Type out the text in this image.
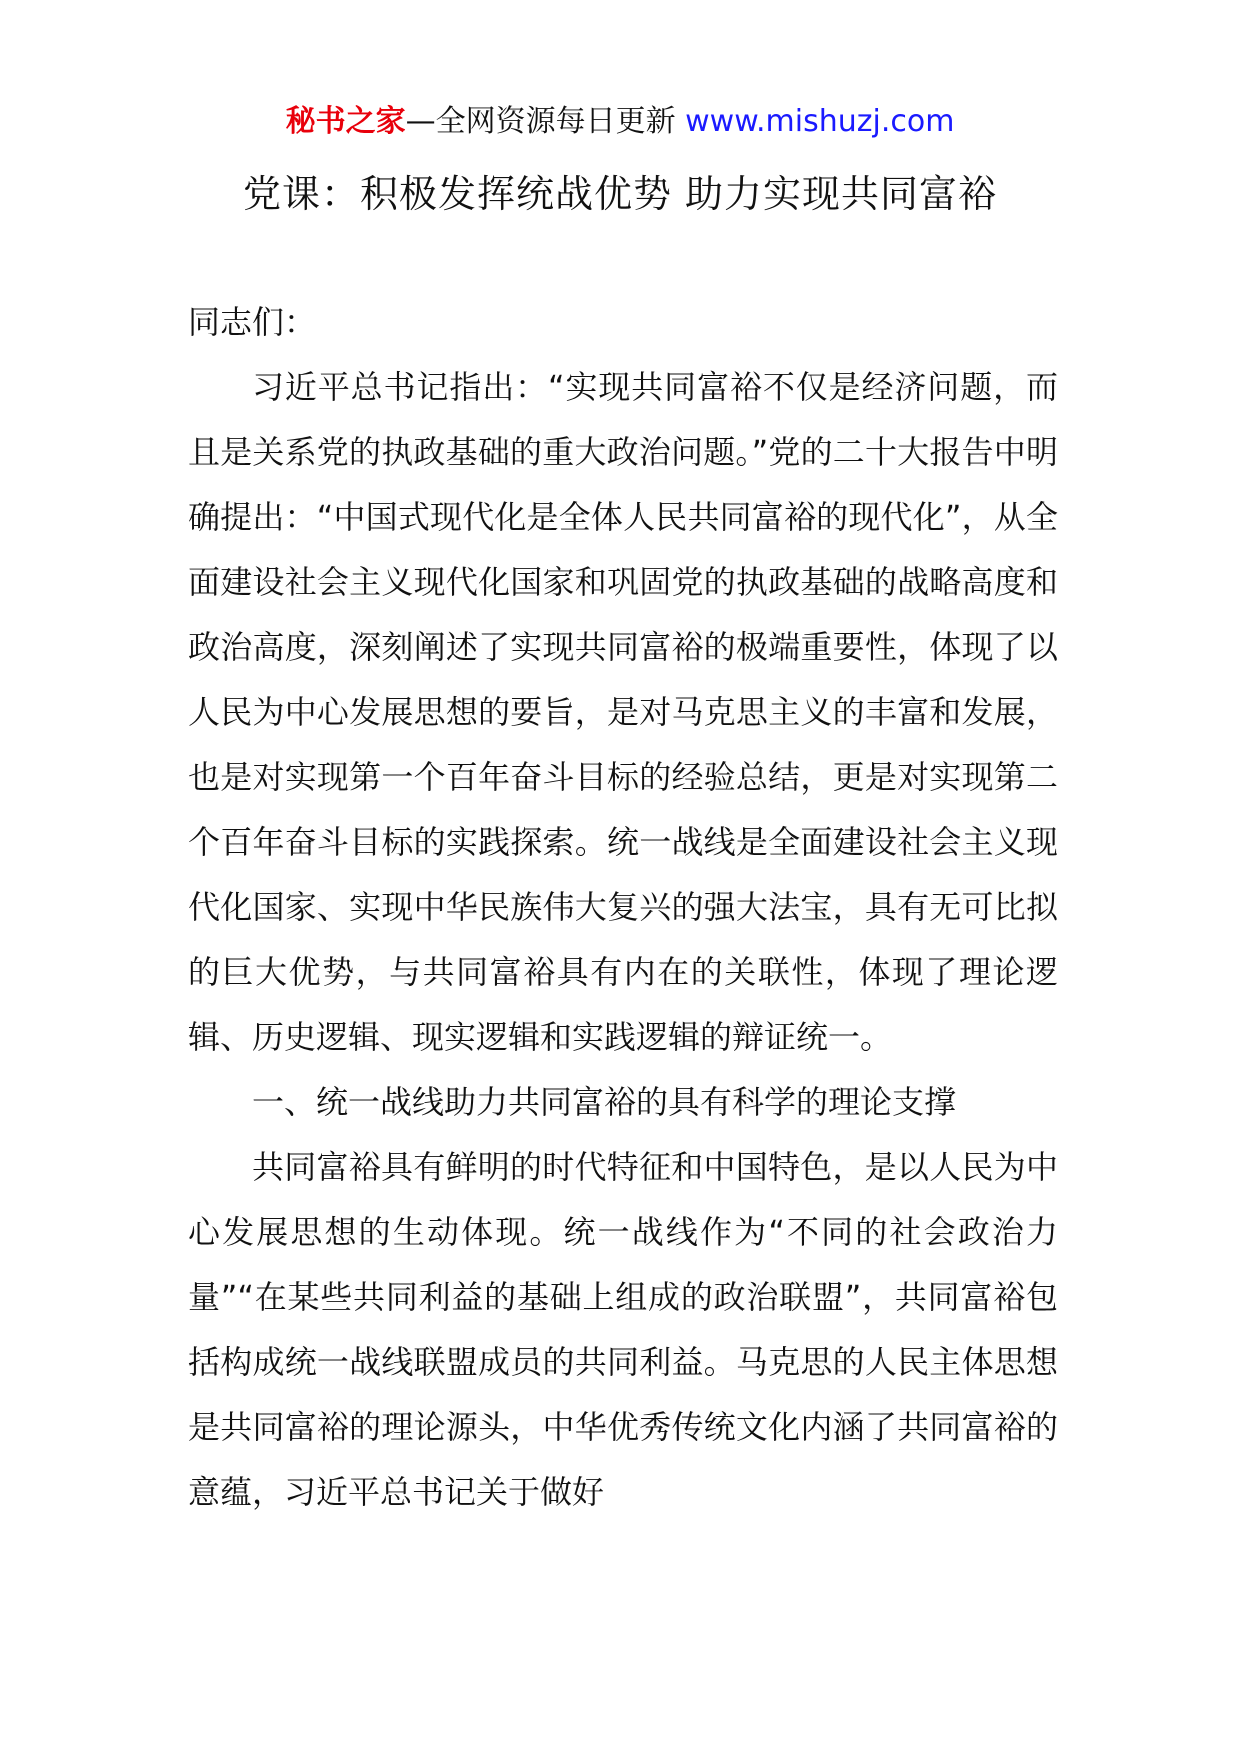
秘书之家—全网资源每日更新 www.mishuzj.com
党课：积极发挥统战优势 助力实现共同富裕

同志们：

习近平总书记指出：“实现共同富裕不仅是经济问题，而且是关系党的执政基础的重大政治问题。”党的二十大报告中明确提出：“中国式现代化是全体人民共同富裕的现代化”，从全面建设社会主义现代化国家和巩固党的执政基础的战略高度和政治高度，深刻阐述了实现共同富裕的极端重要性，体现了以人民为中心发展思想的要旨，是对马克思主义的丰富和发展，也是对实现第一个百年奋斗目标的经验总结，更是对实现第二个百年奋斗目标的实践探索。统一战线是全面建设社会主义现代化国家、实现中华民族伟大复兴的强大法宝，具有无可比拟的巨大优势，与共同富裕具有内在的关联性，体现了理论逻辑、历史逻辑、现实逻辑和实践逻辑的辩证统一。

一、统一战线助力共同富裕的具有科学的理论支撑

共同富裕具有鲜明的时代特征和中国特色，是以人民为中心发展思想的生动体现。统一战线作为“不同的社会政治力量”“在某些共同利益的基础上组成的政治联盟”，共同富裕包括构成统一战线联盟成员的共同利益。马克思的人民主体思想是共同富裕的理论源头，中华优秀传统文化内涵了共同富裕的意蕴，习近平总书记关于做好
